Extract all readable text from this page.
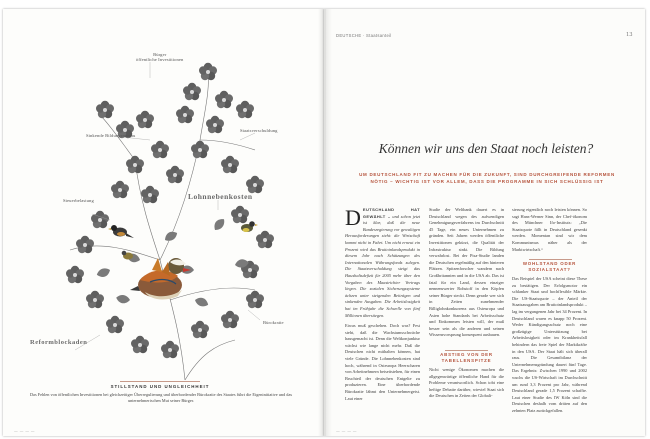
Bürger
öffentliche Investitionen
Sinkende Bildungsniveau
Staatsverschuldung
Steuerbelastung	Lohnnebenkosten
Bürokratie
Reformblockaden
STILLSTAND UND UNGLEICHHEIT
Das Fehlen von öffentlichen Investitionen bei gleichzeitiger Überregulierung und überbordender Bürokratie des Staates führt die Eigeninitiative und das unternehmerischen Mut seiner Bürger.
— — — —
DEUTSCHE · Staatsanteil	13
Können wir uns den Staat noch leisten?
UM DEUTSCHLAND FIT ZU MACHEN FÜR DIE ZUKUNFT, SIND DURCHGREIFENDE REFORMEN NÖTIG – WICHTIG IST VOR ALLEM, DASS DIE PROGRAMME IN SICH SCHLÜSSIG IST
DEUTSCHLAND HAT GEWÄHLT – und schon jetzt ist klar, daß die neue Bundesregierung vor gewaltigen Herausforderungen steht: die Wirtschaft kommt nicht in Fahrt. Um nicht erneut ein Prozent wird das Bruttoinlandsprodukt in diesem Jahr nach Schätzungen des Internationalen Währungsfonds zulegen. Die Staatsverschuldung steigt das Haushaltsdefizit für 2005 mehr über den Vorgaben des Maastrichter Vertrags liegen. Die sozialen Sicherungssysteme ächzen unter steigenden Beiträgen und sinkenden Ausgaben. Die Arbeitslosigkeit hat im Frühjahr die Schwelle von fünf Millionen überstiegen.
Etwas muß geschehen. Doch was? Fest steht, daß die Wachstumsschwäche hausgemacht ist. Denn die Weltkonjunktur wächst wie lange nicht mehr. Daß die Deutschen nicht mithalten können, hat viele Gründe. Die Lohnnebenkosten sind hoch, während in Osteuropa Heerscharen von Arbeitnehmern beiseitstehen, für einen Bruchteil der deutschen Entgelte zu produzieren. Eine überbordende Bürokratie lähmt den Unternehmergeist. Laut einer
Studie der Weltbank dauert es in Deutschland wegen des aufwendigen Genehmigungsverfahrens im Durchschnitt 45 Tage, ein neues Unternehmen zu gründen. Seit Jahren werden öffentliche Investitionen gekürzt, die Qualität der Infrastruktur sinkt. Die Bildung verwahrlost. Bei der Pisa-Studie landen die Deutschen regelmäßig auf den hinteren Plätzen. Spitzenforscher wandern nach Großbritannien und in die USA ab. Das ist fatal für ein Land, dessen einziger nennenswerter Rohstoff in den Köpfen seiner Bürger steckt. Denn gerade wer sich in Zeiten zunehmender Billiglohnkonkurrenz aus Osteuropa und Asien hohe Standards bei Arbeitsschutz und Einkommen leisten will, der muß besser sein als die anderen und seinen Wissensvorsprung konsequent ausbauen.
ABSTIEG VON DER TABELLENSPITZE
Nicht wenige Ökonomen machen die allgegenwärtige öffentliche Hand für die Probleme verantwortlich. Schon tobt eine heftige Debatte darüber, wieviel Staat sich die Deutschen in Zeiten der Globali-
sierung eigentlich noch leisten können. So sagt Hans-Werner Sinn, der Chef-ökonom des Münchner Ifo-Instituts: „Die Staatsquote fällt in Deutschland gesenkt werden. Momentan sind wir dem Kommunismus näher als der Marktwirtschaft.“
WOHLSTAND ODER SOZIALSTAAT?
Das Beispiel der USA scheint diese These zu bestätigen. Der Erfolgsmotor ein schlanker Staat und hochflexible Märkte. Die US-Staatsquote – der Anteil der Staatsausgaben am Bruttoinlandsprodukt – lag im vergangenen Jahr bei 34 Prozent. In Deutschland waren es knapp 50 Prozent. Weder Kündigungsschutz noch eine großzügige Unterstützung bei Arbeitslosigkeit oder im Krankheitsfall behindern das freie Spiel der Marktkräfte in den USA. Der Staat hält sich überall raus. Die Gesamtbilanz der Unternehmensgründung dauert fünf Tage. Das Ergebnis: Zwischen 1990 und 2002 wuchs die US-Wirtschaft im Durchschnitt um rund 3,3 Prozent pro Jahr, während Deutschland gerade 1,5 Prozent schaffte. Laut einer Studie des IW Köln sind die Deutschen deshalb vom dritten auf den zehnten Platz zurückgefallen.
— — — —
